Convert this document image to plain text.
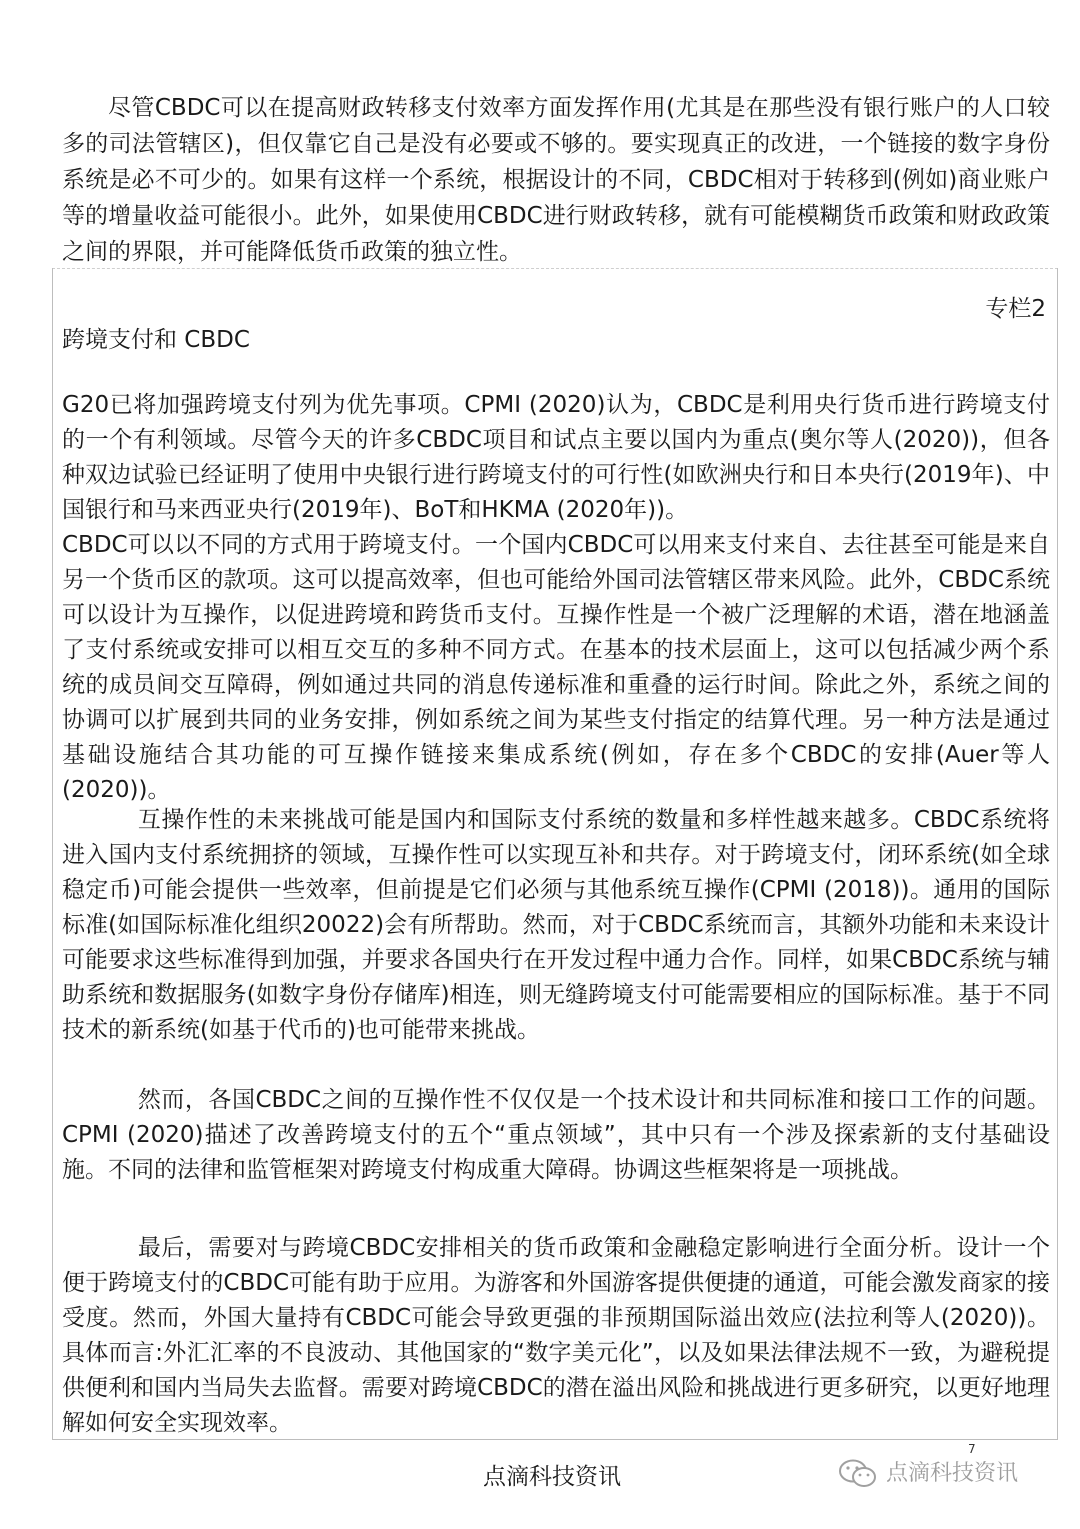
尽管CBDC可以在提高财政转移支付效率方面发挥作用(尤其是在那些没有银行账户的人口较多的司法管辖区)，但仅靠它自己是没有必要或不够的。要实现真正的改进，一个链接的数字身份系统是必不可少的。如果有这样一个系统，根据设计的不同，CBDC相对于转移到(例如)商业账户等的增量收益可能很小。此外，如果使用CBDC进行财政转移，就有可能模糊货币政策和财政政策之间的界限，并可能降低货币政策的独立性。

专栏2

跨境支付和 CBDC

G20已将加强跨境支付列为优先事项。CPMI (2020)认为，CBDC是利用央行货币进行跨境支付的一个有利领域。尽管今天的许多CBDC项目和试点主要以国内为重点(奥尔等人(2020))，但各种双边试验已经证明了使用中央银行进行跨境支付的可行性(如欧洲央行和日本央行(2019年)、中国银行和马来西亚央行(2019年)、BoT和HKMA (2020年))。

CBDC可以以不同的方式用于跨境支付。一个国内CBDC可以用来支付来自、去往甚至可能是来自另一个货币区的款项。这可以提高效率，但也可能给外国司法管辖区带来风险。此外，CBDC系统可以设计为互操作，以促进跨境和跨货币支付。互操作性是一个被广泛理解的术语，潜在地涵盖了支付系统或安排可以相互交互的多种不同方式。在基本的技术层面上，这可以包括减少两个系统的成员间交互障碍，例如通过共同的消息传递标准和重叠的运行时间。除此之外，系统之间的协调可以扩展到共同的业务安排，例如系统之间为某些支付指定的结算代理。另一种方法是通过基础设施结合其功能的可互操作链接来集成系统(例如，存在多个CBDC的安排(Auer等人(2020))。

互操作性的未来挑战可能是国内和国际支付系统的数量和多样性越来越多。CBDC系统将进入国内支付系统拥挤的领域，互操作性可以实现互补和共存。对于跨境支付，闭环系统(如全球稳定币)可能会提供一些效率，但前提是它们必须与其他系统互操作(CPMI (2018))。通用的国际标准(如国际标准化组织20022)会有所帮助。然而，对于CBDC系统而言，其额外功能和未来设计可能要求这些标准得到加强，并要求各国央行在开发过程中通力合作。同样，如果CBDC系统与辅助系统和数据服务(如数字身份存储库)相连，则无缝跨境支付可能需要相应的国际标准。基于不同技术的新系统(如基于代币的)也可能带来挑战。

然而，各国CBDC之间的互操作性不仅仅是一个技术设计和共同标准和接口工作的问题。CPMI (2020)描述了改善跨境支付的五个“重点领域”，其中只有一个涉及探索新的支付基础设施。不同的法律和监管框架对跨境支付构成重大障碍。协调这些框架将是一项挑战。

最后，需要对与跨境CBDC安排相关的货币政策和金融稳定影响进行全面分析。设计一个便于跨境支付的CBDC可能有助于应用。为游客和外国游客提供便捷的通道，可能会激发商家的接受度。然而，外国大量持有CBDC可能会导致更强的非预期国际溢出效应(法拉利等人(2020))。具体而言:外汇汇率的不良波动、其他国家的“数字美元化”，以及如果法律法规不一致，为避税提供便利和国内当局失去监督。需要对跨境CBDC的潜在溢出风险和挑战进行更多研究，以更好地理解如何安全实现效率。

7

点滴科技资讯	点滴科技资讯
